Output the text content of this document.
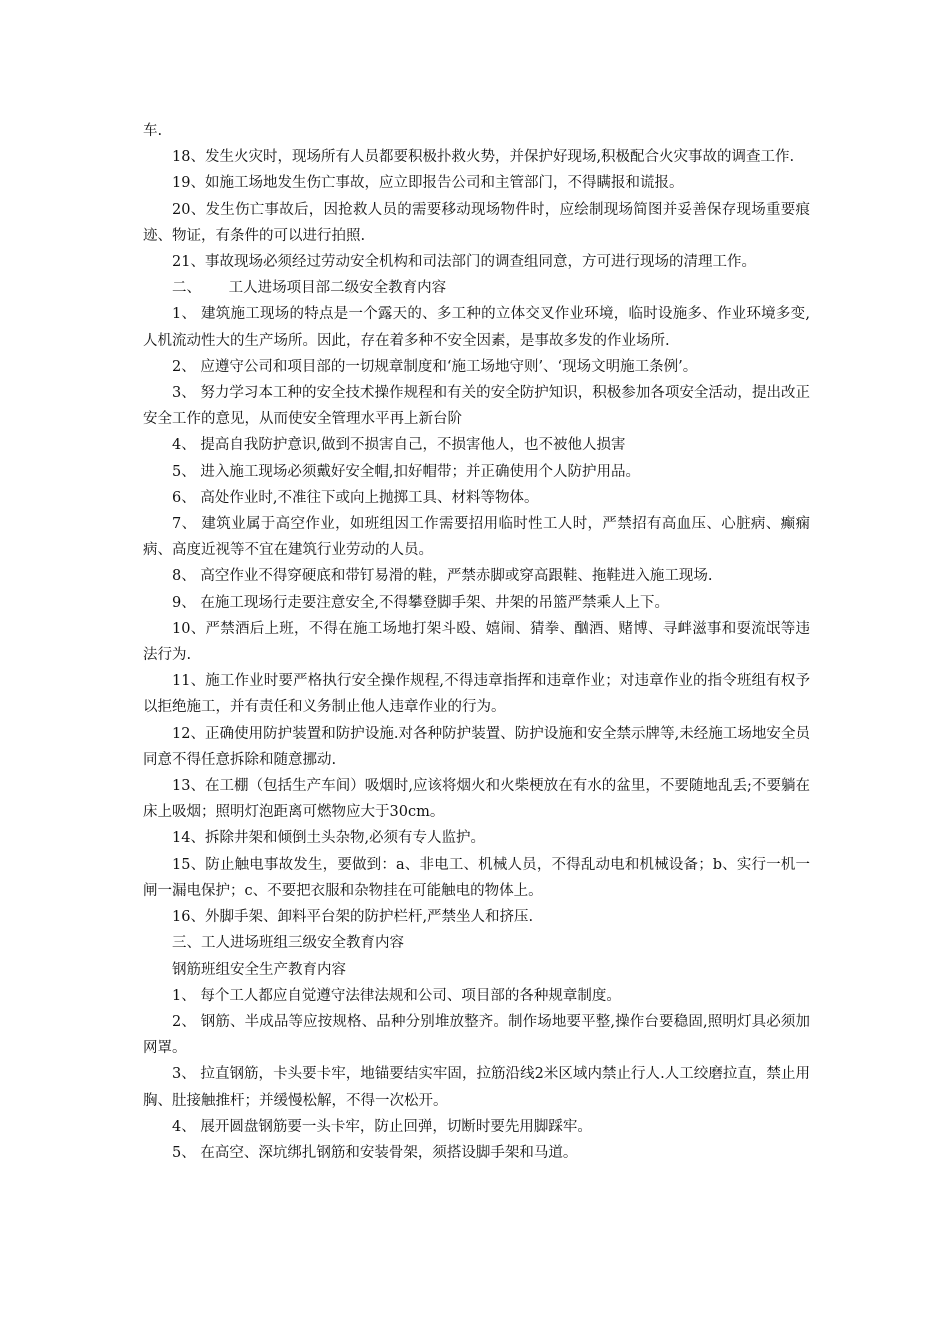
车.

18、发生火灾时，现场所有人员都要积极扑救火势，并保护好现场,积极配合火灾事故的调查工作.

19、如施工场地发生伤亡事故，应立即报告公司和主管部门，不得瞒报和谎报。

20、发生伤亡事故后，因抢救人员的需要移动现场物件时，应绘制现场简图并妥善保存现场重要痕迹、物证，有条件的可以进行拍照.

21、事故现场必须经过劳动安全机构和司法部门的调查组同意，方可进行现场的清理工作。

二、      工人进场项目部二级安全教育内容

1、 建筑施工现场的特点是一个露天的、多工种的立体交叉作业环境，临时设施多、作业环境多变,人机流动性大的生产场所。因此，存在着多种不安全因素，是事故多发的作业场所.

2、 应遵守公司和项目部的一切规章制度和‘施工场地守则’、‘现场文明施工条例’。

3、 努力学习本工种的安全技术操作规程和有关的安全防护知识，积极参加各项安全活动，提出改正安全工作的意见，从而使安全管理水平再上新台阶

4、 提高自我防护意识,做到不损害自己，不损害他人，也不被他人损害

5、 进入施工现场必须戴好安全帽,扣好帽带；并正确使用个人防护用品。

6、 高处作业时,不准往下或向上抛掷工具、材料等物体。

7、 建筑业属于高空作业，如班组因工作需要招用临时性工人时，严禁招有高血压、心脏病、癫痫病、高度近视等不宜在建筑行业劳动的人员。

8、 高空作业不得穿硬底和带钉易滑的鞋，严禁赤脚或穿高跟鞋、拖鞋进入施工现场.

9、 在施工现场行走要注意安全,不得攀登脚手架、井架的吊篮严禁乘人上下。

10、严禁酒后上班，不得在施工场地打架斗殴、嬉闹、猜拳、酗酒、赌博、寻衅滋事和耍流氓等违法行为.

11、施工作业时要严格执行安全操作规程,不得违章指挥和违章作业；对违章作业的指令班组有权予以拒绝施工，并有责任和义务制止他人违章作业的行为。

12、正确使用防护装置和防护设施.对各种防护装置、防护设施和安全禁示牌等,未经施工场地安全员同意不得任意拆除和随意挪动.

13、在工棚（包括生产车间）吸烟时,应该将烟火和火柴梗放在有水的盆里，不要随地乱丢;不要躺在床上吸烟；照明灯泡距离可燃物应大于30cm。

14、拆除井架和倾倒土头杂物,必须有专人监护。

15、防止触电事故发生，要做到：a、非电工、机械人员，不得乱动电和机械设备；b、实行一机一闸一漏电保护；c、不要把衣服和杂物挂在可能触电的物体上。

16、外脚手架、卸料平台架的防护栏杆,严禁坐人和挤压.

三、工人进场班组三级安全教育内容

钢筋班组安全生产教育内容

1、 每个工人都应自觉遵守法律法规和公司、项目部的各种规章制度。

2、 钢筋、半成品等应按规格、品种分别堆放整齐。制作场地要平整,操作台要稳固,照明灯具必须加网罩。

3、 拉直钢筋，卡头要卡牢，地锚要结实牢固，拉筋沿线2米区域内禁止行人.人工绞磨拉直，禁止用胸、肚接触推杆；并缓慢松解，不得一次松开。

4、 展开圆盘钢筋要一头卡牢，防止回弹，切断时要先用脚踩牢。

5、 在高空、深坑绑扎钢筋和安装骨架，须搭设脚手架和马道。
